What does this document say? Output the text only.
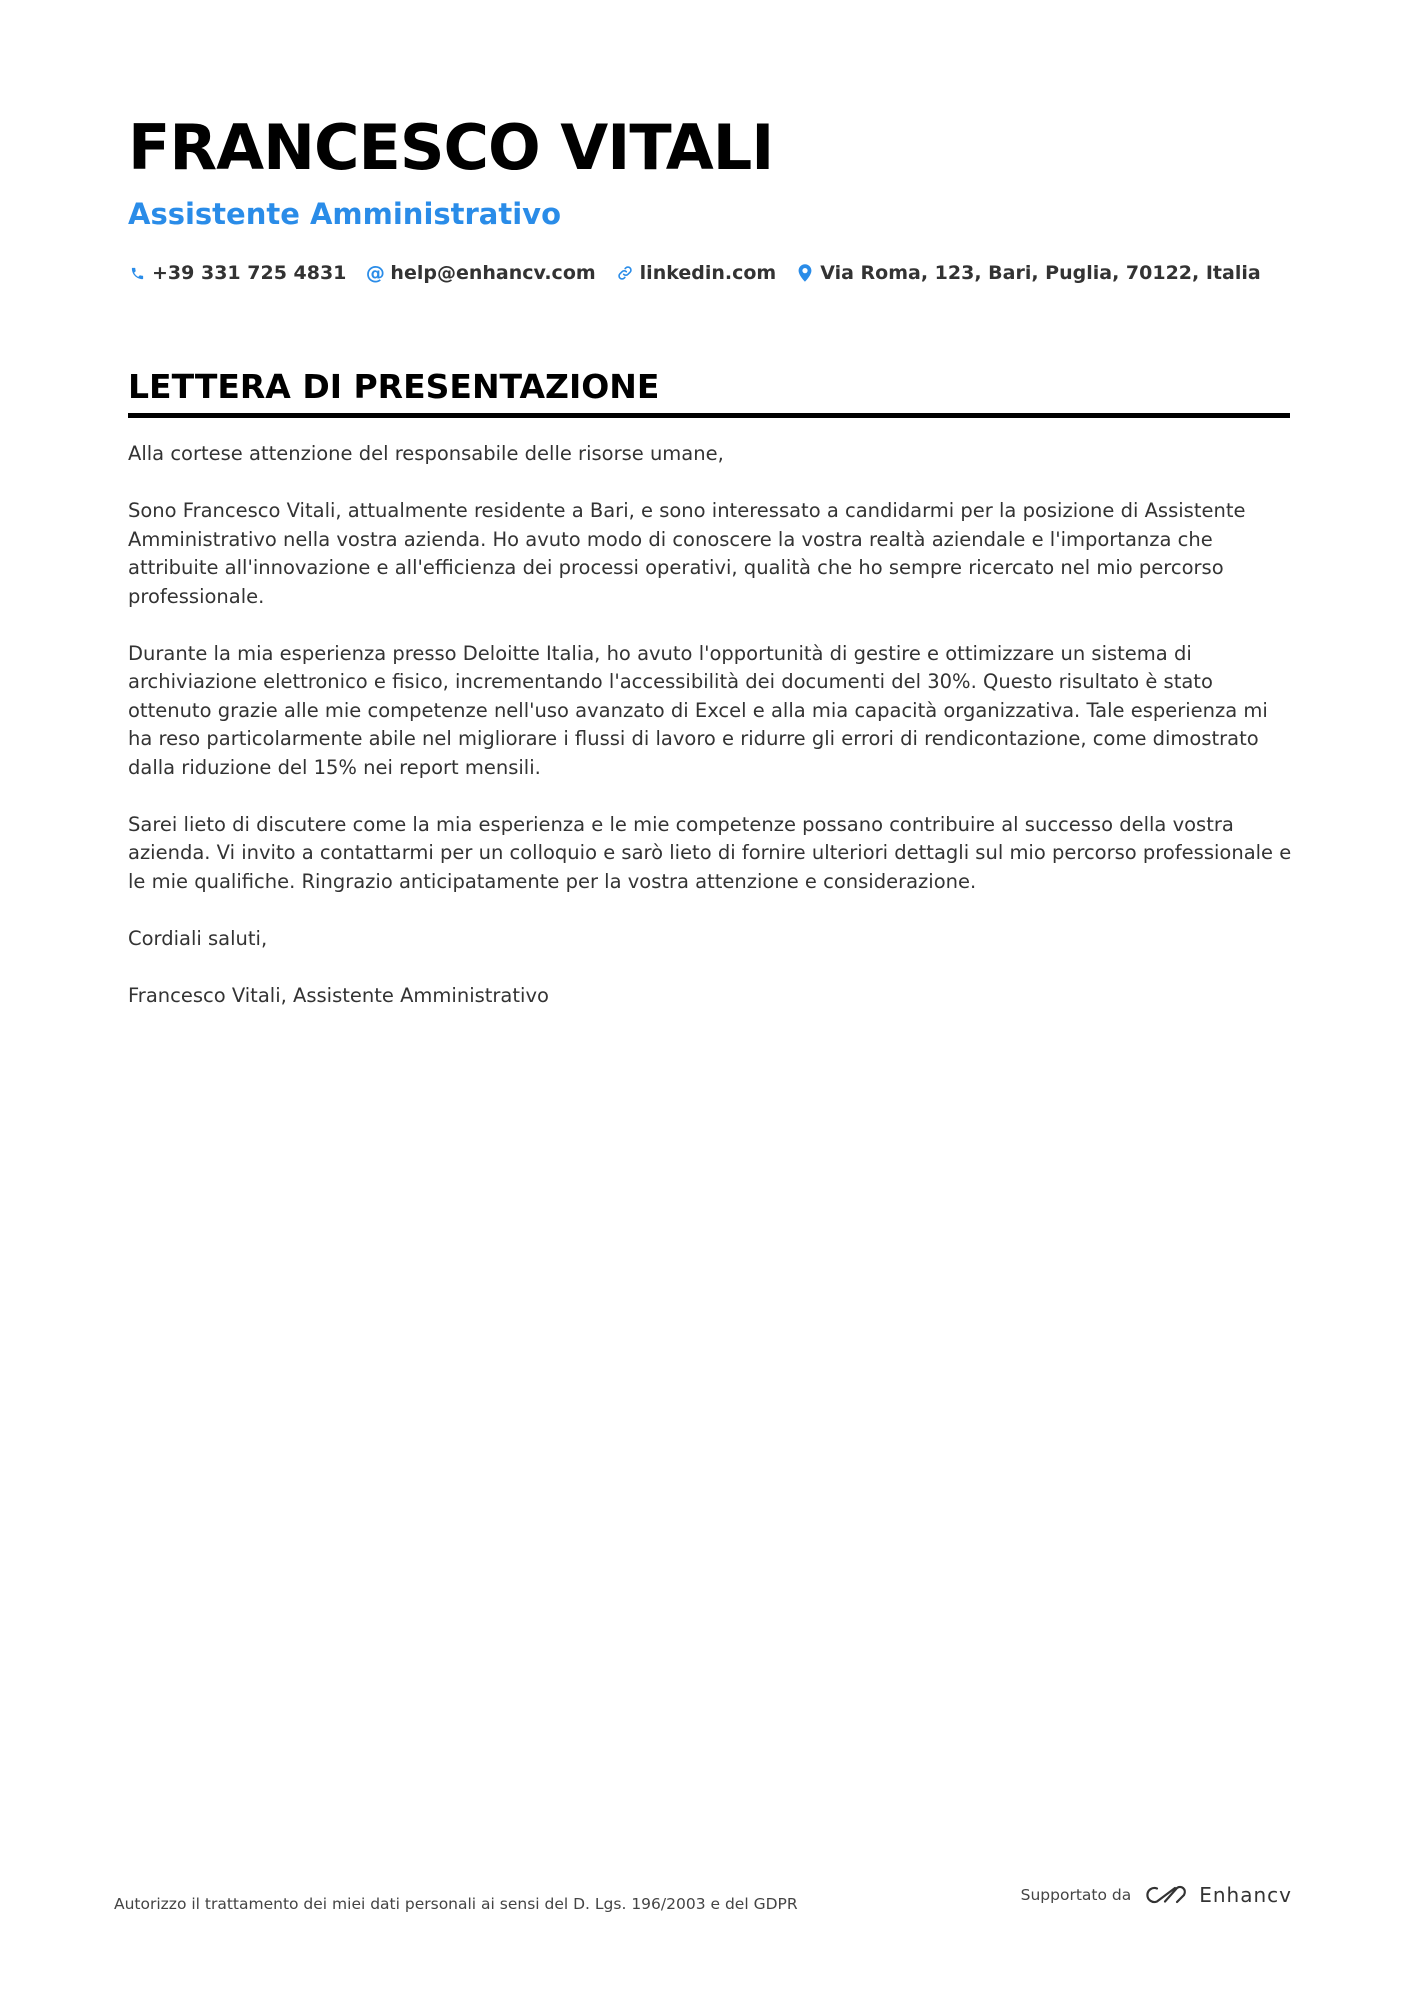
FRANCESCO VITALI
Assistente Amministrativo
+39 331 725 4831 @ help@enhancv.com linkedin.com Via Roma, 123, Bari, Puglia, 70122, Italia
LETTERA DI PRESENTAZIONE

Alla cortese attenzione del responsabile delle risorse umane,

Sono Francesco Vitali, attualmente residente a Bari, e sono interessato a candidarmi per la posizione di Assistente Amministrativo nella vostra azienda. Ho avuto modo di conoscere la vostra realtà aziendale e l'importanza che attribuite all'innovazione e all'efficienza dei processi operativi, qualità che ho sempre ricercato nel mio percorso professionale.

Durante la mia esperienza presso Deloitte Italia, ho avuto l'opportunità di gestire e ottimizzare un sistema di archiviazione elettronico e fisico, incrementando l'accessibilità dei documenti del 30%. Questo risultato è stato ottenuto grazie alle mie competenze nell'uso avanzato di Excel e alla mia capacità organizzativa. Tale esperienza mi ha reso particolarmente abile nel migliorare i flussi di lavoro e ridurre gli errori di rendicontazione, come dimostrato dalla riduzione del 15% nei report mensili.

Sarei lieto di discutere come la mia esperienza e le mie competenze possano contribuire al successo della vostra azienda. Vi invito a contattarmi per un colloquio e sarò lieto di fornire ulteriori dettagli sul mio percorso professionale e le mie qualifiche. Ringrazio anticipatamente per la vostra attenzione e considerazione.

Cordiali saluti,

Francesco Vitali, Assistente Amministrativo

Autorizzo il trattamento dei miei dati personali ai sensi del D. Lgs. 196/2003 e del GDPR	Supportato da	Enhancv
